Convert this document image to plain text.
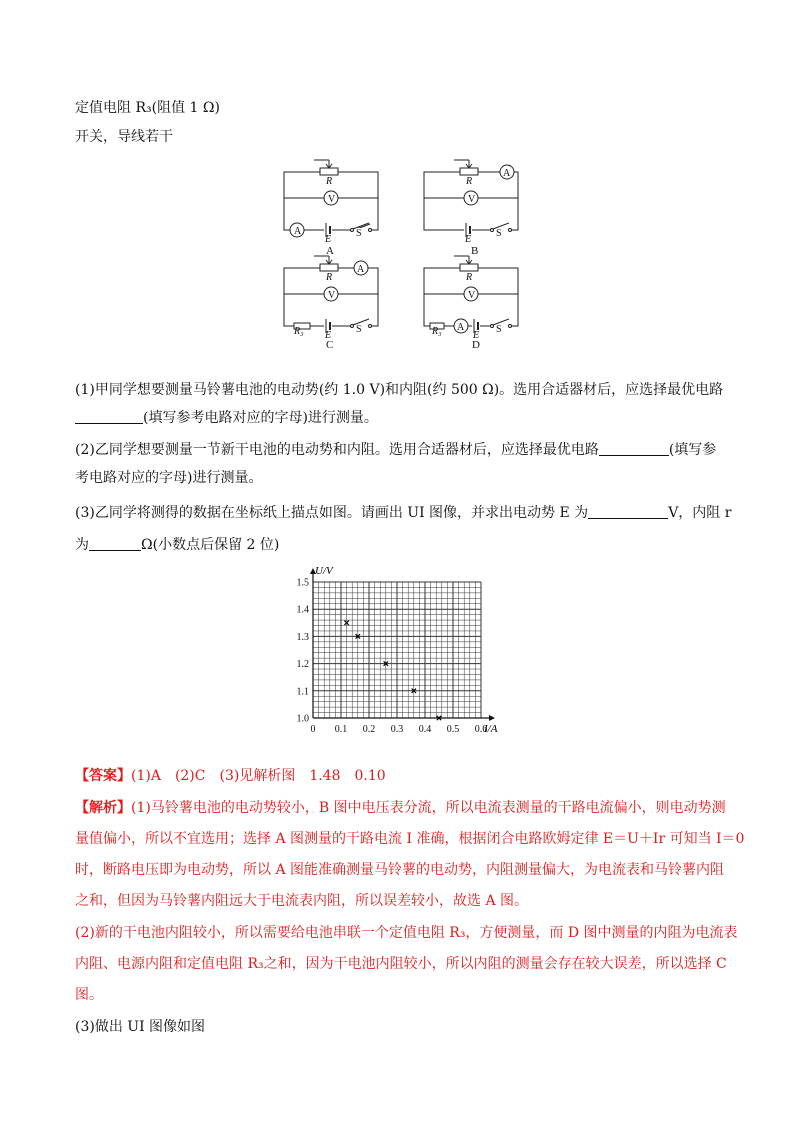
定值电阻 R₃(阻值 1 Ω)
开关，导线若干
R
V
A
E
S
A
R
A
V
E
S
B
R
A
V
R₃ E
S
C
R
V
R₃ A
E
S
D
(1)甲同学想要测量马铃薯电池的电动势(约 1.0 V)和内阻(约 500 Ω)。选用合适器材后，应选择最优电路
(填写参考电路对应的字母)进行测量。
(2)乙同学想要测量一节新干电池的电动势和内阻。选用合适器材后，应选择最优电路	(填写参
考电路对应的字母)进行测量。
(3)乙同学将测得的数据在坐标纸上描点如图。请画出 UI 图像，并求出电动势 E 为	V，内阻 r
为	Ω(小数点后保留 2 位)
0 0.1 0.2 0.3 0.4 0.5 0.6
1.0
1.1
1.2
1.3
1.4
1.5
U/V
I/A
【答案】(1)A　(2)C　(3)见解析图　1.48　0.10
【解析】(1)马铃薯电池的电动势较小，B 图中电压表分流，所以电流表测量的干路电流偏小，则电动势测
量值偏小，所以不宜选用；选择 A 图测量的干路电流 I 准确，根据闭合电路欧姆定律 E＝U＋Ir 可知当 I＝0
时，断路电压即为电动势，所以 A 图能准确测量马铃薯的电动势，内阻测量偏大，为电流表和马铃薯内阻
之和，但因为马铃薯内阻远大于电流表内阻，所以误差较小，故选 A 图。
(2)新的干电池内阻较小，所以需要给电池串联一个定值电阻 R₃，方便测量，而 D 图中测量的内阻为电流表
内阻、电源内阻和定值电阻 R₃之和，因为干电池内阻较小，所以内阻的测量会存在较大误差，所以选择 C
图。
(3)做出 UI 图像如图
